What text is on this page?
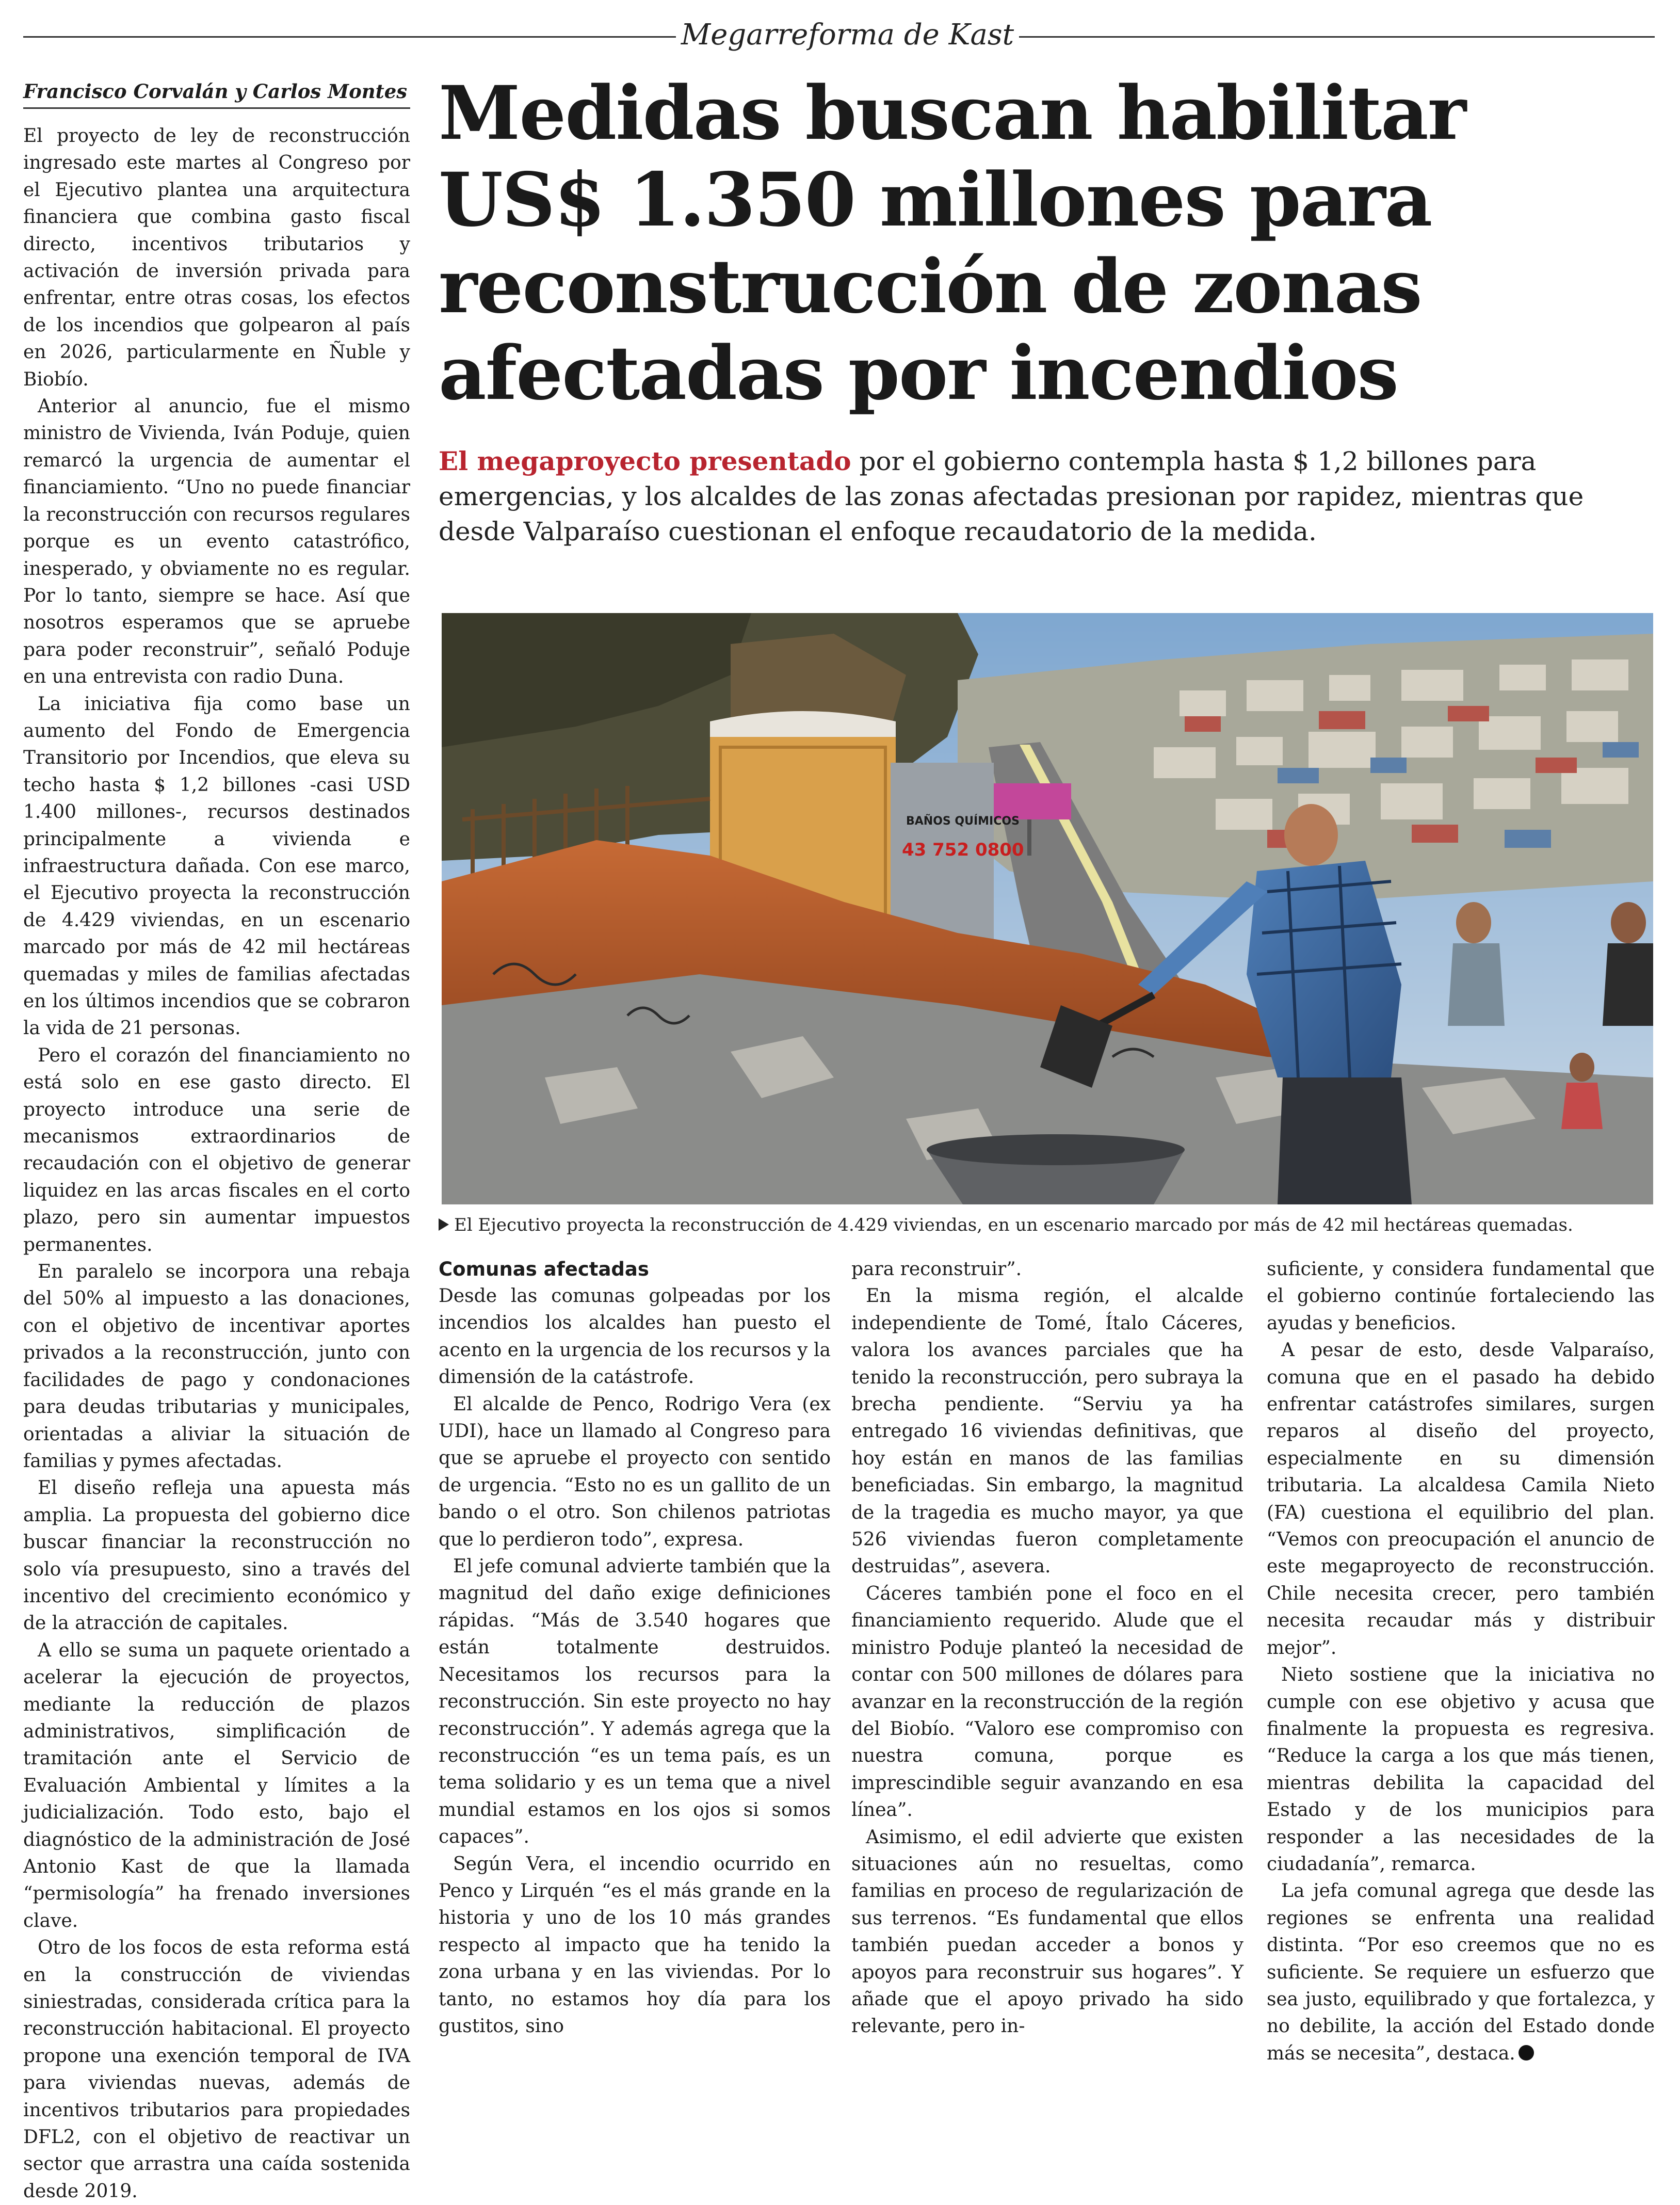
Megarreforma de Kast
Francisco Corvalán y Carlos Montes

El proyecto de ley de reconstrucción ingresado este martes al Congreso por el Ejecutivo plantea una arquitectura financiera que combina gasto fiscal directo, incentivos tributarios y activación de inversión privada para enfrentar, entre otras cosas, los efectos de los incendios que golpearon al país en 2026, particularmente en Ñuble y Biobío.

Anterior al anuncio, fue el mismo ministro de Vivienda, Iván Poduje, quien remarcó la urgencia de aumentar el financiamiento. “Uno no puede financiar la reconstrucción con recursos regulares porque es un evento catastrófico, inesperado, y obviamente no es regular. Por lo tanto, siempre se hace. Así que nosotros esperamos que se apruebe para poder reconstruir”, señaló Poduje en una entrevista con radio Duna.

La iniciativa fija como base un aumento del Fondo de Emergencia Transitorio por Incendios, que eleva su techo hasta $ 1,2 billones -casi USD 1.400 millones-, recursos destinados principalmente a vivienda e infraestructura dañada. Con ese marco, el Ejecutivo proyecta la reconstrucción de 4.429 viviendas, en un escenario marcado por más de 42 mil hectáreas quemadas y miles de familias afectadas en los últimos incendios que se cobraron la vida de 21 personas.

Pero el corazón del financiamiento no está solo en ese gasto directo. El proyecto introduce una serie de mecanismos extraordinarios de recaudación con el objetivo de generar liquidez en las arcas fiscales en el corto plazo, pero sin aumentar impuestos permanentes.

En paralelo se incorpora una rebaja del 50% al impuesto a las donaciones, con el objetivo de incentivar aportes privados a la reconstrucción, junto con facilidades de pago y condonaciones para deudas tributarias y municipales, orientadas a aliviar la situación de familias y pymes afectadas.

El diseño refleja una apuesta más amplia. La propuesta del gobierno dice buscar financiar la reconstrucción no solo vía presupuesto, sino a través del incentivo del crecimiento económico y de la atracción de capitales.

A ello se suma un paquete orientado a acelerar la ejecución de proyectos, mediante la reducción de plazos administrativos, simplificación de tramitación ante el Servicio de Evaluación Ambiental y límites a la judicialización. Todo esto, bajo el diagnóstico de la administración de José Antonio Kast de que la llamada “permisología” ha frenado inversiones clave.

Otro de los focos de esta reforma está en la construcción de viviendas siniestradas, considerada crítica para la reconstrucción habitacional. El proyecto propone una exención temporal de IVA para viviendas nuevas, además de incentivos tributarios para propiedades DFL2, con el objetivo de reactivar un sector que arrastra una caída sostenida desde 2019.

Medidas buscan habilitar
US$ 1.350 millones para
reconstrucción de zonas
afectadas por incendios

El megaproyecto presentado por el gobierno contempla hasta $ 1,2 billones para emergencias, y los alcaldes de las zonas afectadas presionan por rapidez, mientras que desde Valparaíso cuestionan el enfoque recaudatorio de la medida.

BAÑOS QUÍMICOS
43 752 0800
El Ejecutivo proyecta la reconstrucción de 4.429 viviendas, en un escenario marcado por más de 42 mil hectáreas quemadas.

Comunas afectadas

Desde las comunas golpeadas por los incendios los alcaldes han puesto el acento en la urgencia de los recursos y la dimensión de la catástrofe.

El alcalde de Penco, Rodrigo Vera (ex UDI), hace un llamado al Congreso para que se apruebe el proyecto con sentido de urgencia. “Esto no es un gallito de un bando o el otro. Son chilenos patriotas que lo perdieron todo”, expresa.

El jefe comunal advierte también que la magnitud del daño exige definiciones rápidas. “Más de 3.540 hogares que están totalmente destruidos. Necesitamos los recursos para la reconstrucción. Sin este proyecto no hay reconstrucción”. Y además agrega que la reconstrucción “es un tema país, es un tema solidario y es un tema que a nivel mundial estamos en los ojos si somos capaces”.

Según Vera, el incendio ocurrido en Penco y Lirquén “es el más grande en la historia y uno de los 10 más grandes respecto al impacto que ha tenido la zona urbana y en las viviendas. Por lo tanto, no estamos hoy día para los gustitos, sino

para reconstruir”.

En la misma región, el alcalde independiente de Tomé, Ítalo Cáceres, valora los avances parciales que ha tenido la reconstrucción, pero subraya la brecha pendiente. “Serviu ya ha entregado 16 viviendas definitivas, que hoy están en manos de las familias beneficiadas. Sin embargo, la magnitud de la tragedia es mucho mayor, ya que 526 viviendas fueron completamente destruidas”, asevera.

Cáceres también pone el foco en el financiamiento requerido. Alude que el ministro Poduje planteó la necesidad de contar con 500 millones de dólares para avanzar en la reconstrucción de la región del Biobío. “Valoro ese compromiso con nuestra comuna, porque es imprescindible seguir avanzando en esa línea”.

Asimismo, el edil advierte que existen situaciones aún no resueltas, como familias en proceso de regularización de sus terrenos. “Es fundamental que ellos también puedan acceder a bonos y apoyos para reconstruir sus hogares”. Y añade que el apoyo privado ha sido relevante, pero in-

suficiente, y considera fundamental que el gobierno continúe fortaleciendo las ayudas y beneficios.

A pesar de esto, desde Valparaíso, comuna que en el pasado ha debido enfrentar catástrofes similares, surgen reparos al diseño del proyecto, especialmente en su dimensión tributaria. La alcaldesa Camila Nieto (FA) cuestiona el equilibrio del plan. “Vemos con preocupación el anuncio de este megaproyecto de reconstrucción. Chile necesita crecer, pero también necesita recaudar más y distribuir mejor”.

Nieto sostiene que la iniciativa no cumple con ese objetivo y acusa que finalmente la propuesta es regresiva. “Reduce la carga a los que más tienen, mientras debilita la capacidad del Estado y de los municipios para responder a las necesidades de la ciudadanía”, remarca.

La jefa comunal agrega que desde las regiones se enfrenta una realidad distinta. “Por eso creemos que no es suficiente. Se requiere un esfuerzo que sea justo, equilibrado y que fortalezca, y no debilite, la acción del Estado donde más se necesita”, destaca.
